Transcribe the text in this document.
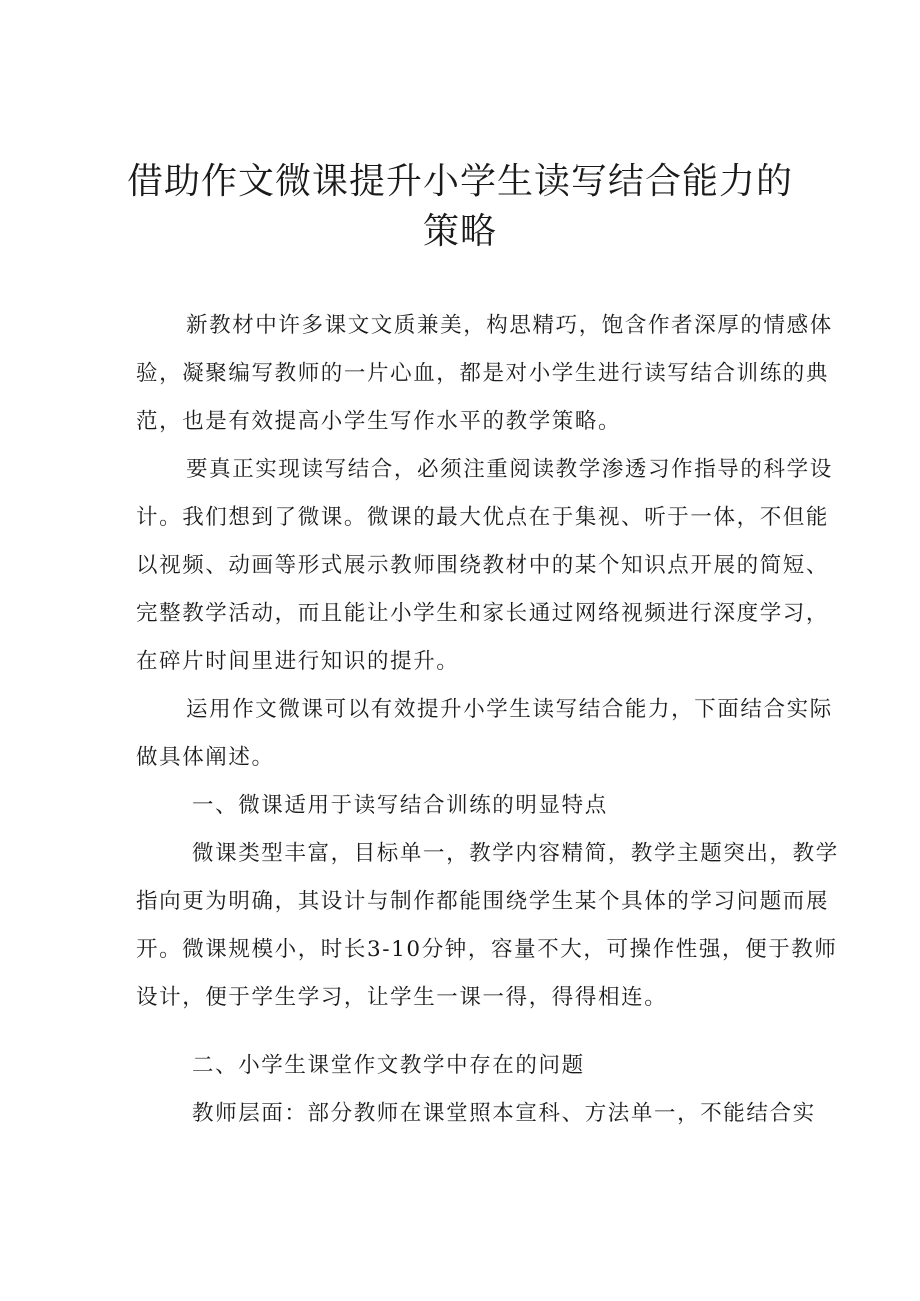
借助作文微课提升小学生读写结合能力的
策略
新教材中许多课文文质兼美，构思精巧，饱含作者深厚的情感体
验，凝聚编写教师的一片心血，都是对小学生进行读写结合训练的典
范，也是有效提高小学生写作水平的教学策略。
要真正实现读写结合，必须注重阅读教学渗透习作指导的科学设
计。我们想到了微课。微课的最大优点在于集视、听于一体，不但能
以视频、动画等形式展示教师围绕教材中的某个知识点开展的简短、
完整教学活动，而且能让小学生和家长通过网络视频进行深度学习，
在碎片时间里进行知识的提升。
运用作文微课可以有效提升小学生读写结合能力，下面结合实际
做具体阐述。
一、微课适用于读写结合训练的明显特点
微课类型丰富，目标单一，教学内容精简，教学主题突出，教学
指向更为明确，其设计与制作都能围绕学生某个具体的学习问题而展
开。微课规模小，时长3-10分钟，容量不大，可操作性强，便于教师
设计，便于学生学习，让学生一课一得，得得相连。
二、小学生课堂作文教学中存在的问题
教师层面：部分教师在课堂照本宣科、方法单一，不能结合实
